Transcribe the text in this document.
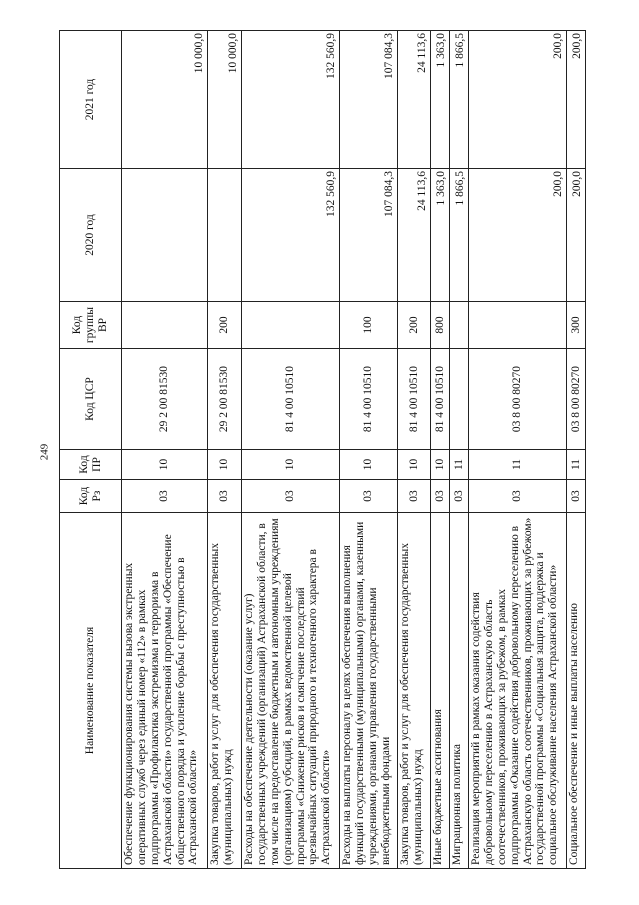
249
Наименование показателя	Код Рз	Код ПР	Код ЦСР	Код группы ВР	2020 год	2021 год
Обеспечение функционирования системы вызова экстренных оперативных служб через единый номер «112» в рамках подпрограммы «Профилактика экстремизма и терроризма в Астраханской области» государственной программы «Обеспечение общественного порядка и усиление борьбы с преступностью в Астраханской области»	03	10	29 2 00 81530			10 000,0
Закупка товаров, работ и услуг для обеспечения государственных (муниципальных) нужд	03	10	29 2 00 81530	200		10 000,0
Расходы на обеспечение деятельности (оказание услуг) государственных учреждений (организаций) Астраханской области, в том числе на предоставление бюджетным и автономным учреждениям (организациям) субсидий, в рамках ведомственной целевой программы «Снижение рисков и смягчение последствий чрезвычайных ситуаций природного и техногенного характера в Астраханской области»	03	10	81 4 00 10510		132 560,9	132 560,9
Расходы на выплаты персоналу в целях обеспечения выполнения функций государственными (муниципальными) органами, казенными учреждениями, органами управления государственными внебюджетными фондами	03	10	81 4 00 10510	100	107 084,3	107 084,3
Закупка товаров, работ и услуг для обеспечения государственных (муниципальных) нужд	03	10	81 4 00 10510	200	24 113,6	24 113,6
Иные бюджетные ассигнования	03	10	81 4 00 10510	800	1 363,0	1 363,0
Миграционная политика	03	11			1 866,5	1 866,5
Реализация мероприятий в рамках оказания содействия добровольному переселению в Астраханскую область соотечественников, проживающих за рубежом, в рамках подпрограммы «Оказание содействия добровольному переселению в Астраханскую область соотечественников, проживающих за рубежом» государственной программы «Социальная защита, поддержка и социальное обслуживание населения Астраханской области»	03	11	03 8 00 80270		200,0	200,0
Социальное обеспечение и иные выплаты населению	03	11	03 8 00 80270	300	200,0	200,0
